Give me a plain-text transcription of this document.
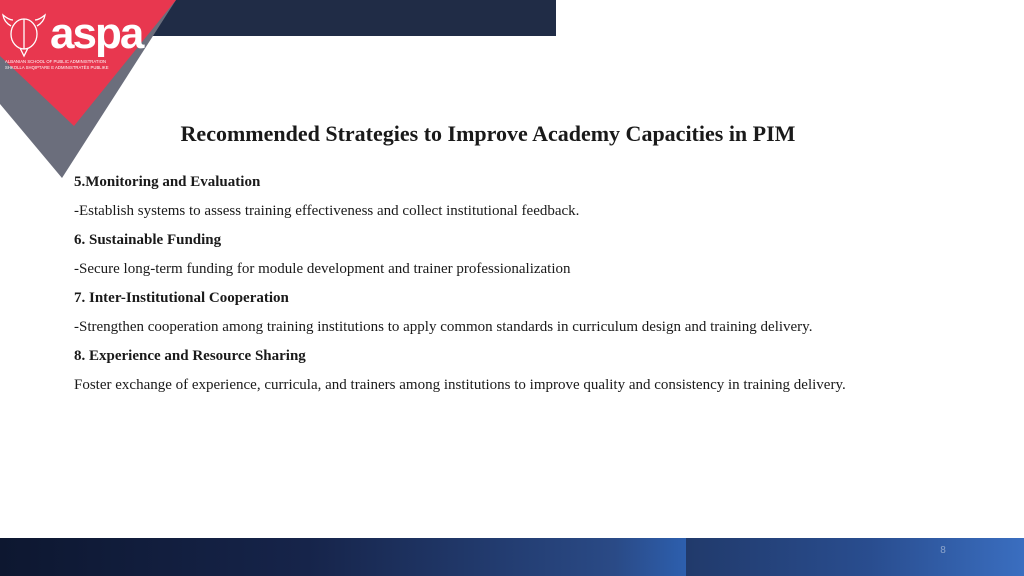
aspa
ALBANIAN SCHOOL OF PUBLIC ADMINISTRATION
SHKOLLA SHQIPTARE E ADMINISTRATËS PUBLIKE
Recommended Strategies to Improve Academy Capacities in PIM

5.Monitoring and Evaluation

-Establish systems to assess training effectiveness and collect institutional feedback.

6. Sustainable Funding

-Secure long-term funding for module development and trainer professionalization

7. Inter-Institutional Cooperation

-Strengthen cooperation among training institutions to apply common standards in curriculum design and training delivery.

8. Experience and Resource Sharing

Foster exchange of experience, curricula, and trainers among institutions to improve quality and consistency in training delivery.

8
